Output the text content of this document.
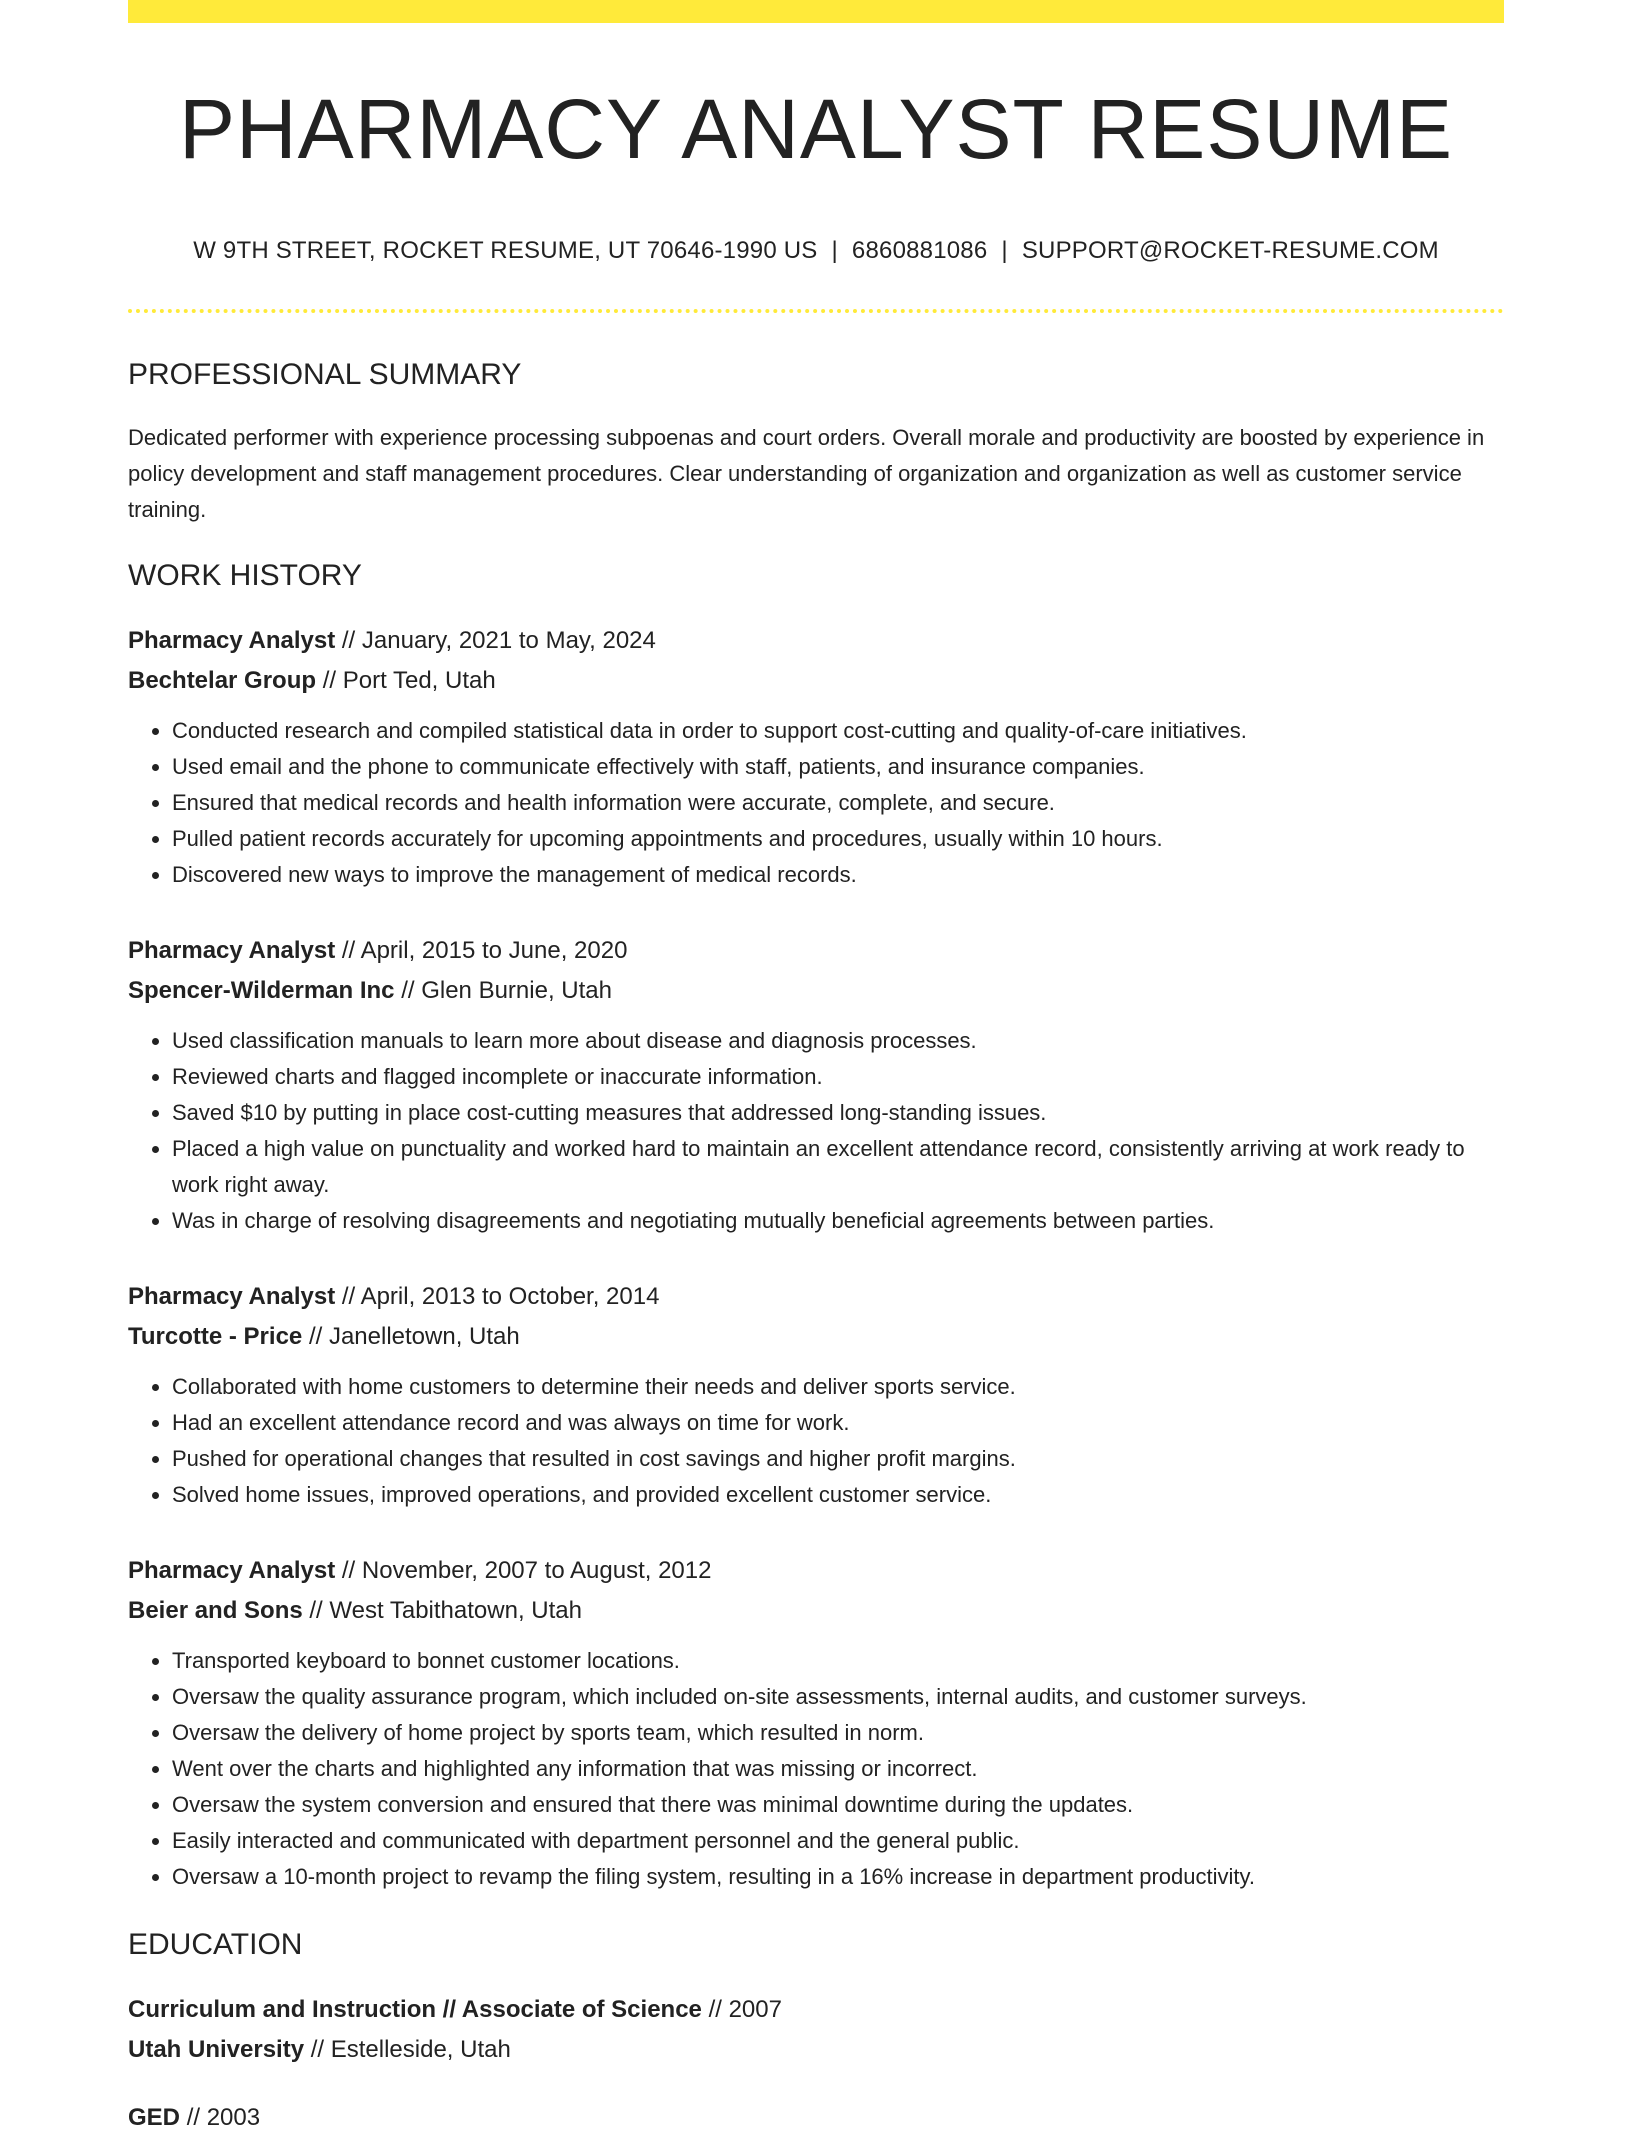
PHARMACY ANALYST RESUME
W 9TH STREET, ROCKET RESUME, UT 70646-1990 US | 6860881086 | SUPPORT@ROCKET-RESUME.COM
PROFESSIONAL SUMMARY
Dedicated performer with experience processing subpoenas and court orders. Overall morale and productivity are boosted by experience in policy development and staff management procedures. Clear understanding of organization and organization as well as customer service training.
WORK HISTORY
Pharmacy Analyst // January, 2021 to May, 2024
Bechtelar Group // Port Ted, Utah
• Conducted research and compiled statistical data in order to support cost-cutting and quality-of-care initiatives.
• Used email and the phone to communicate effectively with staff, patients, and insurance companies.
• Ensured that medical records and health information were accurate, complete, and secure.
• Pulled patient records accurately for upcoming appointments and procedures, usually within 10 hours.
• Discovered new ways to improve the management of medical records.
Pharmacy Analyst // April, 2015 to June, 2020
Spencer-Wilderman Inc // Glen Burnie, Utah
• Used classification manuals to learn more about disease and diagnosis processes.
• Reviewed charts and flagged incomplete or inaccurate information.
• Saved $10 by putting in place cost-cutting measures that addressed long-standing issues.
• Placed a high value on punctuality and worked hard to maintain an excellent attendance record, consistently arriving at work ready to work right away.
• Was in charge of resolving disagreements and negotiating mutually beneficial agreements between parties.
Pharmacy Analyst // April, 2013 to October, 2014
Turcotte - Price // Janelletown, Utah
• Collaborated with home customers to determine their needs and deliver sports service.
• Had an excellent attendance record and was always on time for work.
• Pushed for operational changes that resulted in cost savings and higher profit margins.
• Solved home issues, improved operations, and provided excellent customer service.
Pharmacy Analyst // November, 2007 to August, 2012
Beier and Sons // West Tabithatown, Utah
• Transported keyboard to bonnet customer locations.
• Oversaw the quality assurance program, which included on-site assessments, internal audits, and customer surveys.
• Oversaw the delivery of home project by sports team, which resulted in norm.
• Went over the charts and highlighted any information that was missing or incorrect.
• Oversaw the system conversion and ensured that there was minimal downtime during the updates.
• Easily interacted and communicated with department personnel and the general public.
• Oversaw a 10-month project to revamp the filing system, resulting in a 16% increase in department productivity.
EDUCATION
Curriculum and Instruction // Associate of Science // 2007
Utah University // Estelleside, Utah
GED // 2003
